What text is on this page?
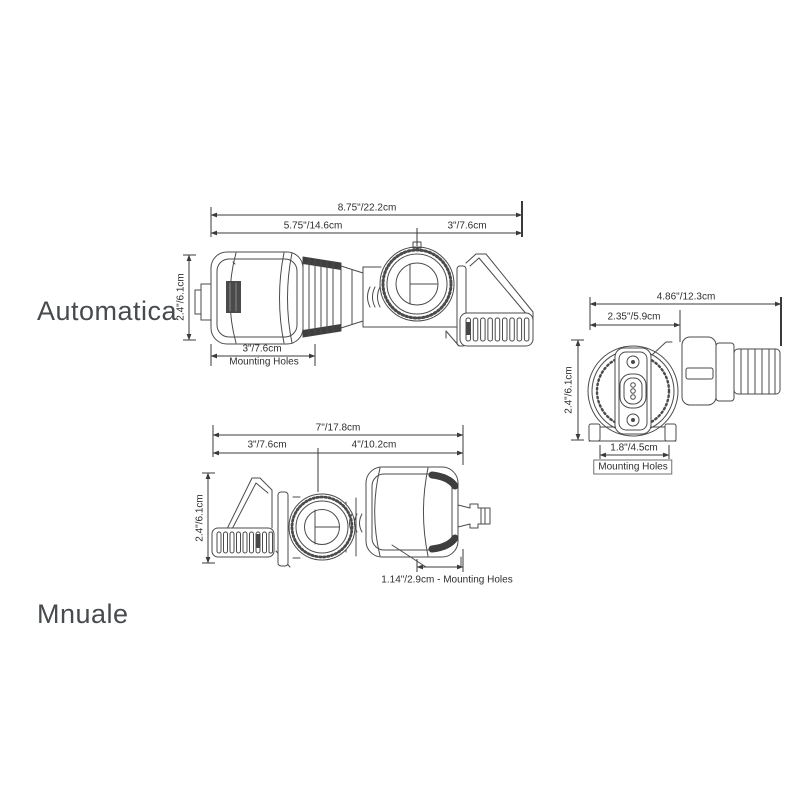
Automatica
Mnuale
8.75"/22.2cm
5.75"/14.6cm	3"/7.6cm
2.4"/6.1cm
3"/7.6cm
Mounting Holes
4.86"/12.3cm
2.35"/5.9cm
2.4"/6.1cm
1.8"/4.5cm
Mounting Holes
7"/17.8cm
3"/7.6cm	4"/10.2cm
2.4"/6.1cm
1.14"/2.9cm - Mounting Holes
